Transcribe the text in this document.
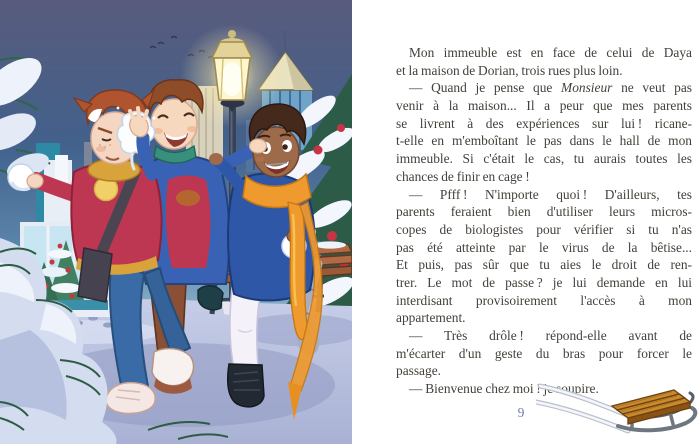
Mon immeuble est en face de celui de Daya
et la maison de Dorian, trois rues plus loin.
— Quand je pense que Monsieur ne veut pas
venir à la maison... Il a peur que mes parents
se livrent à des expériences sur lui ! ricane-
t-elle en m'emboîtant le pas dans le hall de mon
immeuble. Si c'était le cas, tu aurais toutes les
chances de finir en cage !
— Pfff ! N'importe quoi ! D'ailleurs, tes
parents feraient bien d'utiliser leurs micros-
copes de biologistes pour vérifier si tu n'as
pas été atteinte par le virus de la bêtise...
Et puis, pas sûr que tu aies le droit de ren-
trer. Le mot de passe ? je lui demande en lui
interdisant provisoirement l'accès à mon
appartement.
— Très drôle ! répond-elle avant de
m'écarter d'un geste du bras pour forcer le
passage.
— Bienvenue chez moi ! je soupire.
9
